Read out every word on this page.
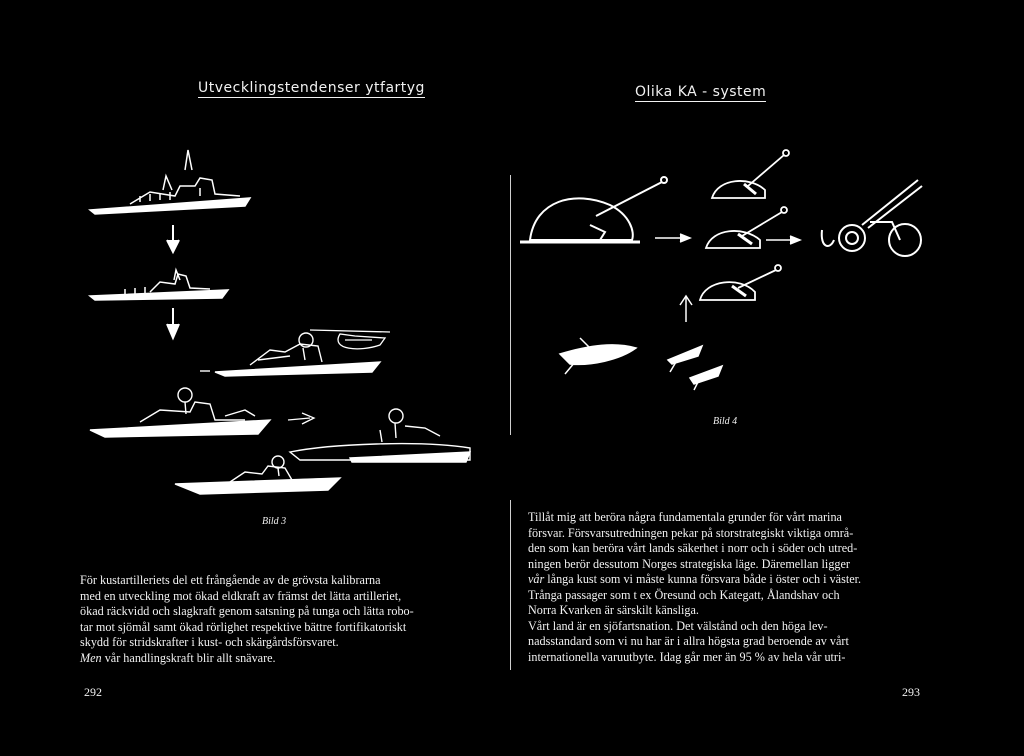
Utvecklingstendenser ytfartyg
Bild 3

För kustartilleriets del ett frångående av de grövsta kalibrarna

med en utveckling mot ökad eldkraft av främst det lätta artilleriet,

ökad räckvidd och slagkraft genom satsning på tunga och lätta robo-

tar mot sjömål samt ökad rörlighet respektive bättre fortifikatoriskt

skydd för stridskrafter i kust- och skärgårdsförsvaret.

Men vår handlingskraft blir allt snävare.

292
Olika KA - system
Bild 4

Tillåt mig att beröra några fundamentala grunder för vårt marina

försvar. Försvarsutredningen pekar på storstrategiskt viktiga områ-

den som kan beröra vårt lands säkerhet i norr och i söder och utred-

ningen berör dessutom Norges strategiska läge. Däremellan ligger

vår långa kust som vi måste kunna försvara både i öster och i väster.

Trånga passager som t ex Öresund och Kategatt, Ålandshav och

Norra Kvarken är särskilt känsliga.

Vårt land är en sjöfartsnation. Det välstånd och den höga lev-

nadsstandard som vi nu har är i allra högsta grad beroende av vårt

internationella varuutbyte. Idag går mer än 95 % av hela vår utri-

293
